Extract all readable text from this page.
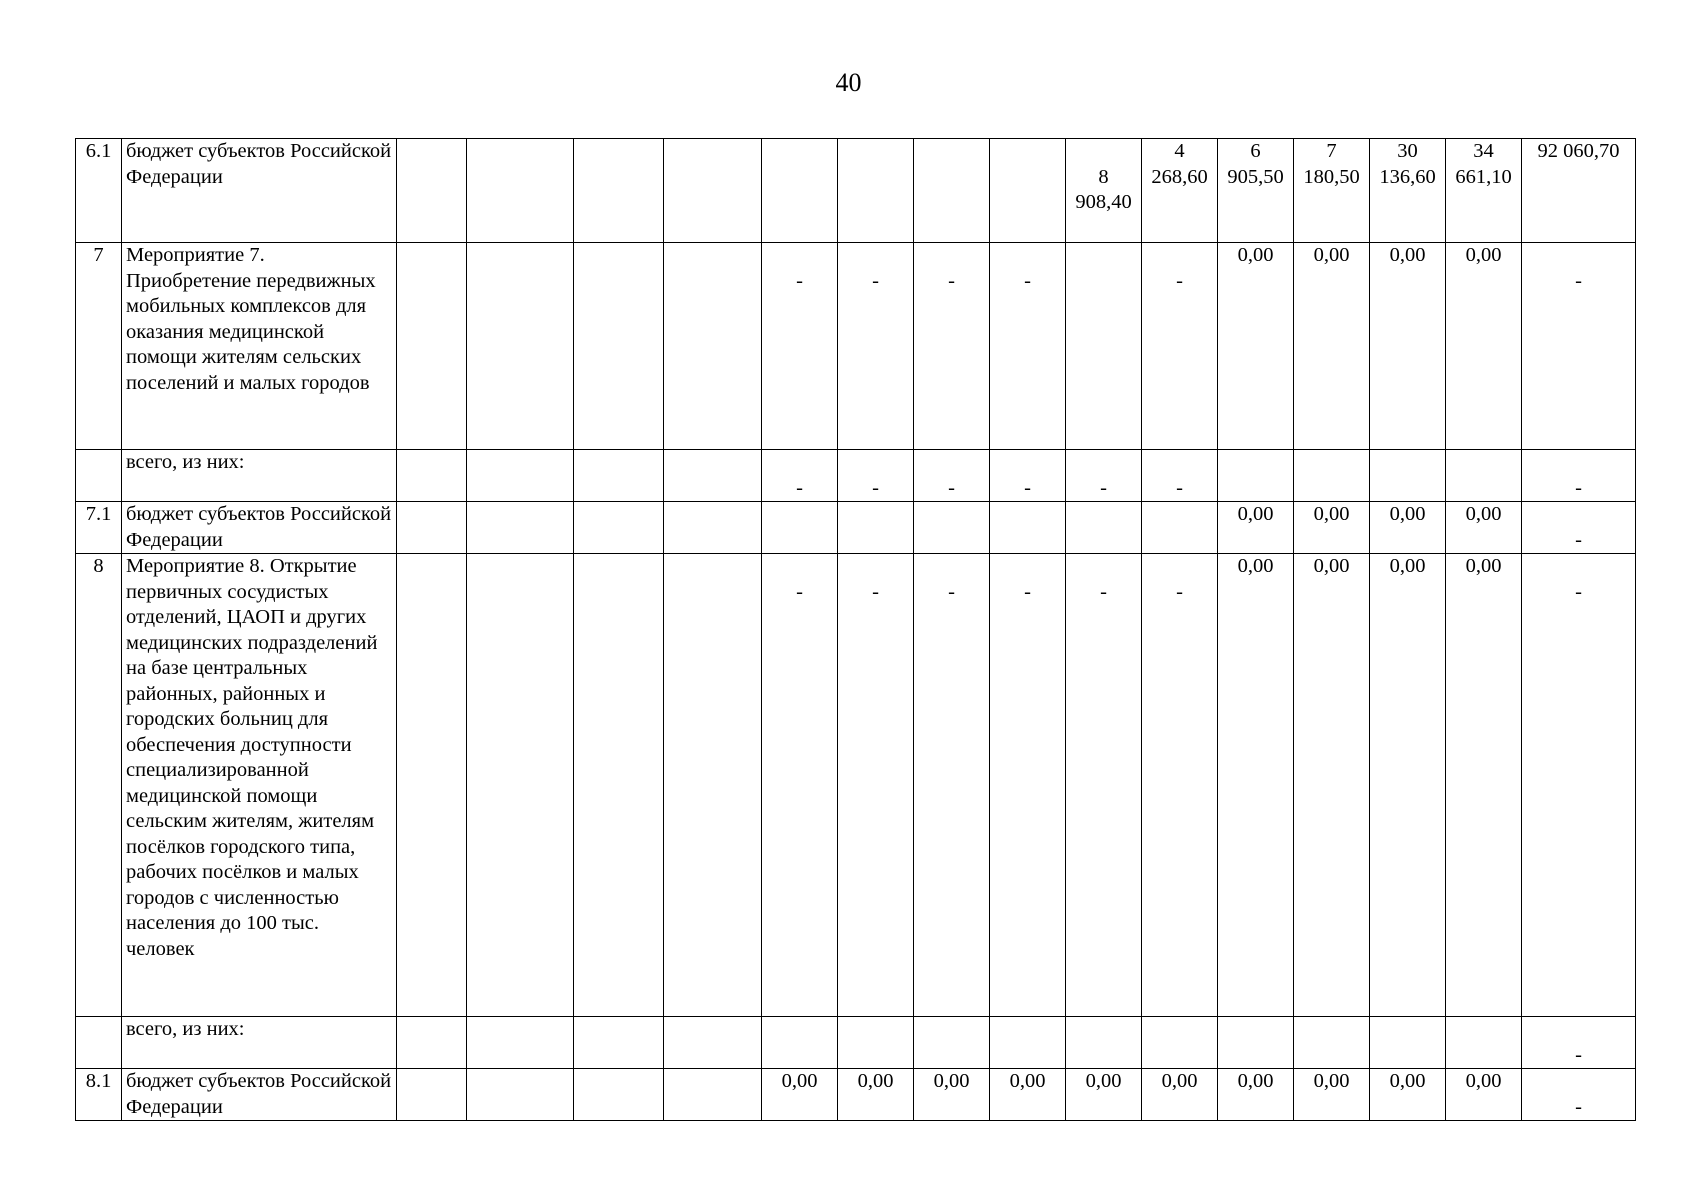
40
6.​1	бюджет субъектов Российской Федерации									8 908,40	4 268,60	6 905,50	7 180,50	30 136,60	34 661,10	92 060,70
7	Мероприятие 7. Приобретение передвижных мобильных комплексов для оказания медицинской помощи жителям сельских поселений и малых городов					-	-	-	-		-	0,00	0,00	0,00	0,00	-

	всего, из них:					-	-	-	-	-	-					-

7.​1	бюджет субъектов Российской Федерации											0,00	0,00	0,00	0,00	-

8	Мероприятие 8. Открытие первичных сосудистых отделений, ЦАОП и других медицинских подразделений на базе центральных районных, районных и городских больниц для обеспечения доступности специализированной медицинской помощи сельским жителям, жителям посёлков городского типа, рабочих посёлков и малых городов с численностью населения до 100 тыс. человек					-	-	-	-	-	-	0,00	0,00	0,00	0,00	-

	всего, из них:															-

8.​1	бюджет субъектов Российской Федерации					0,00	0,00	0,00	0,00	0,00	0,00	0,00	0,00	0,00	0,00	-
